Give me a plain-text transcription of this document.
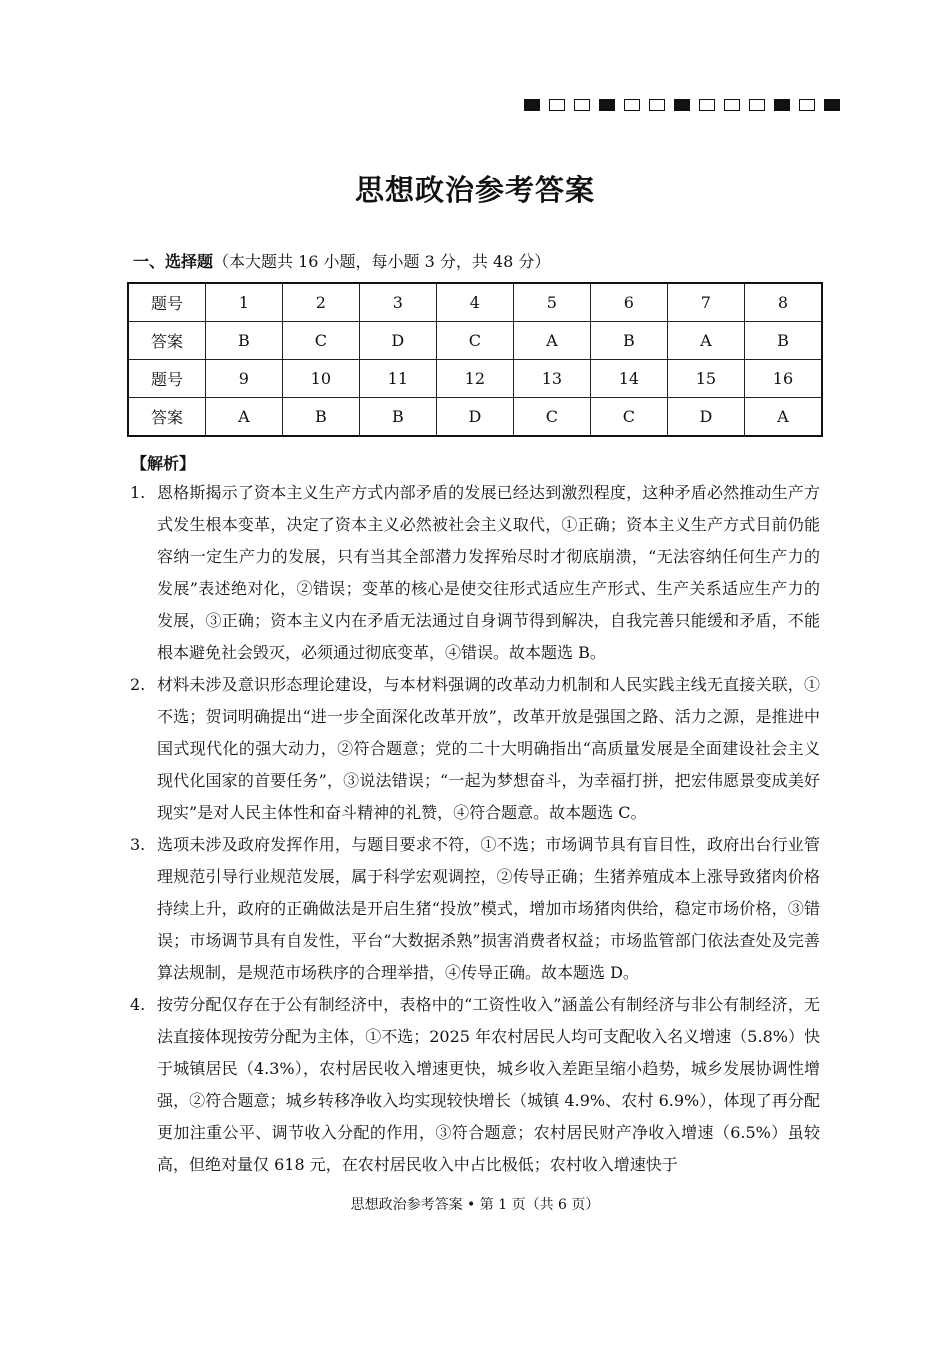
思想政治参考答案
一、选择题（本大题共 16 小题，每小题 3 分，共 48 分）
题号	1	2	3	4	5	6	7	8
答案	B	C	D	C	A	B	A	B
题号	9	10	11	12	13	14	15	16
答案	A	B	B	D	C	C	D	A
【解析】
1. 恩格斯揭示了资本主义生产方式内部矛盾的发展已经达到激烈程度，这种矛盾必然推动生产方式发生根本变革，决定了资本主义必然被社会主义取代，①正确；资本主义生产方式目前仍能容纳一定生产力的发展，只有当其全部潜力发挥殆尽时才彻底崩溃，“无法容纳任何生产力的发展”表述绝对化，②错误；变革的核心是使交往形式适应生产形式、生产关系适应生产力的发展，③正确；资本主义内在矛盾无法通过自身调节得到解决，自我完善只能缓和矛盾，不能根本避免社会毁灭，必须通过彻底变革，④错误。故本题选 B。
2. 材料未涉及意识形态理论建设，与本材料强调的改革动力机制和人民实践主线无直接关联，①不选；贺词明确提出“进一步全面深化改革开放”，改革开放是强国之路、活力之源，是推进中国式现代化的强大动力，②符合题意；党的二十大明确指出“高质量发展是全面建设社会主义现代化国家的首要任务”，③说法错误；“一起为梦想奋斗，为幸福打拼，把宏伟愿景变成美好现实”是对人民主体性和奋斗精神的礼赞，④符合题意。故本题选 C。
3. 选项未涉及政府发挥作用，与题目要求不符，①不选；市场调节具有盲目性，政府出台行业管理规范引导行业规范发展，属于科学宏观调控，②传导正确；生猪养殖成本上涨导致猪肉价格持续上升，政府的正确做法是开启生猪“投放”模式，增加市场猪肉供给，稳定市场价格，③错误；市场调节具有自发性，平台“大数据杀熟”损害消费者权益；市场监管部门依法查处及完善算法规制，是规范市场秩序的合理举措，④传导正确。故本题选 D。
4. 按劳分配仅存在于公有制经济中，表格中的“工资性收入”涵盖公有制经济与非公有制经济，无法直接体现按劳分配为主体，①不选；2025 年农村居民人均可支配收入名义增速（5.8%）快于城镇居民（4.3%），农村居民收入增速更快，城乡收入差距呈缩小趋势，城乡发展协调性增强，②符合题意；城乡转移净收入均实现较快增长（城镇 4.9%、农村 6.9%），体现了再分配更加注重公平、调节收入分配的作用，③符合题意；农村居民财产净收入增速（6.5%）虽较高，但绝对量仅 618 元，在农村居民收入中占比极低；农村收入增速快于
思想政治参考答案 • 第 1 页（共 6 页）
